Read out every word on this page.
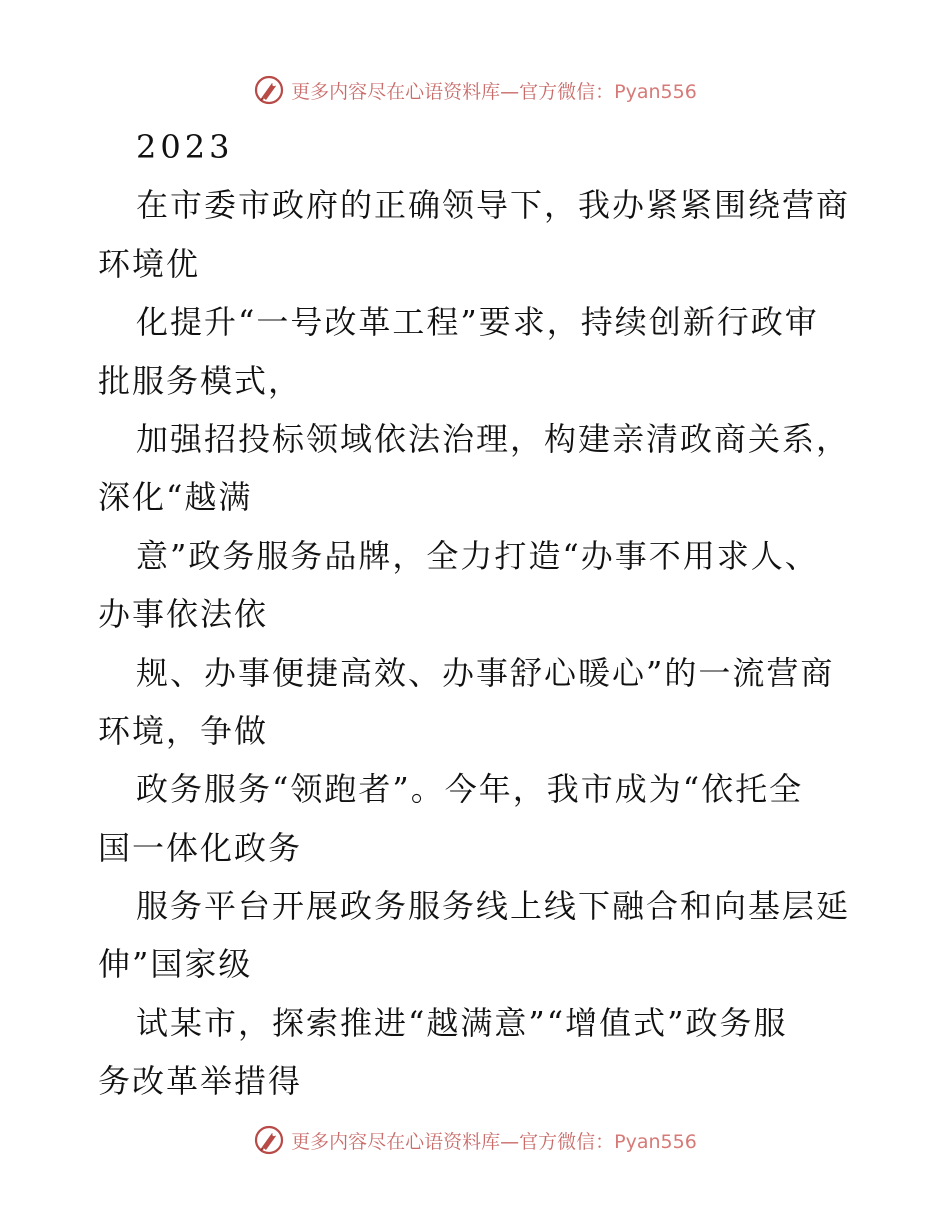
更多内容尽在心语资料库—官方微信：Pyan556
2023
在市委市政府的正确领导下，我办紧紧围绕营商
环境优
化提升“一号改革工程”要求，持续创新行政审
批服务模式，
加强招投标领域依法治理，构建亲清政商关系，
深化“越满
意”政务服务品牌，全力打造“办事不用求人、
办事依法依
规、办事便捷高效、办事舒心暖心”的一流营商
环境，争做
政务服务“领跑者”。今年，我市成为“依托全
国一体化政务
服务平台开展政务服务线上线下融合和向基层延
伸”国家级
试某市，探索推进“越满意”“增值式”政务服
务改革举措得
更多内容尽在心语资料库—官方微信：Pyan556
